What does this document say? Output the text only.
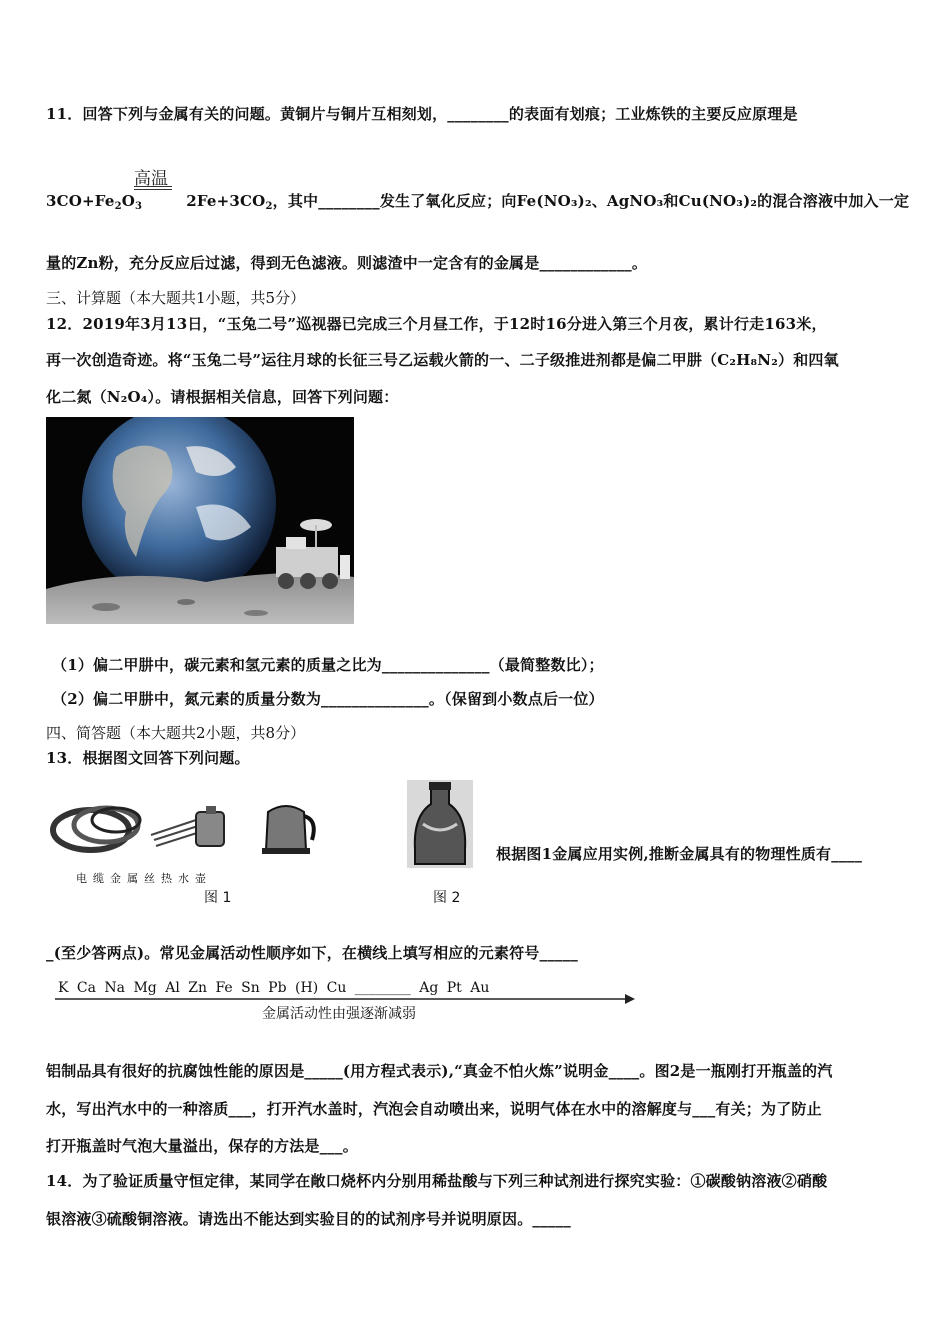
11．回答下列与金属有关的问题。黄铜片与铜片互相刻划，________的表面有划痕；工业炼铁的主要反应原理是
高温
$3CO+Fe_2O_3$	$2Fe+3CO_2$，其中________发生了氧化反应；向Fe(NO₃)₂、AgNO₃和Cu(NO₃)₂的混合溶液中加入一定
量的Zn粉，充分反应后过滤，得到无色滤液。则滤渣中一定含有的金属是____________。
三、计算题（本大题共1小题，共5分）
12．2019年3月13日，“玉兔二号”巡视器已完成三个月昼工作，于12时16分进入第三个月夜，累计行走163米，
再一次创造奇迹。将“玉兔二号”运往月球的长征三号乙运载火箭的一、二子级推进剂都是偏二甲肼（C₂H₈N₂）和四氧
化二氮（N₂O₄）。请根据相关信息，回答下列问题：
（1）偏二甲肼中，碳元素和氢元素的质量之比为______________（最简整数比）；
（2）偏二甲肼中，氮元素的质量分数为______________。（保留到小数点后一位）
四、简答题（本大题共2小题，共8分）
13．根据图文回答下列问题。
电缆金属丝热水壶
图 1	图 2
根据图1金属应用实例,推断金属具有的物理性质有____
_(至少答两点)。常见金属活动性顺序如下，在横线上填写相应的元素符号_____
K Ca Na Mg Al Zn Fe Sn Pb (H) Cu ________ Ag Pt Au
金属活动性由强逐渐减弱
铝制品具有很好的抗腐蚀性能的原因是_____(用方程式表示),“真金不怕火炼”说明金____。图2是一瓶刚打开瓶盖的汽
水，写出汽水中的一种溶质___，打开汽水盖时，汽泡会自动喷出来，说明气体在水中的溶解度与___有关；为了防止
打开瓶盖时气泡大量溢出，保存的方法是___。
14．为了验证质量守恒定律，某同学在敞口烧杯内分别用稀盐酸与下列三种试剂进行探究实验：①碳酸钠溶液②硝酸
银溶液③硫酸铜溶液。请选出不能达到实验目的的试剂序号并说明原因。_____
